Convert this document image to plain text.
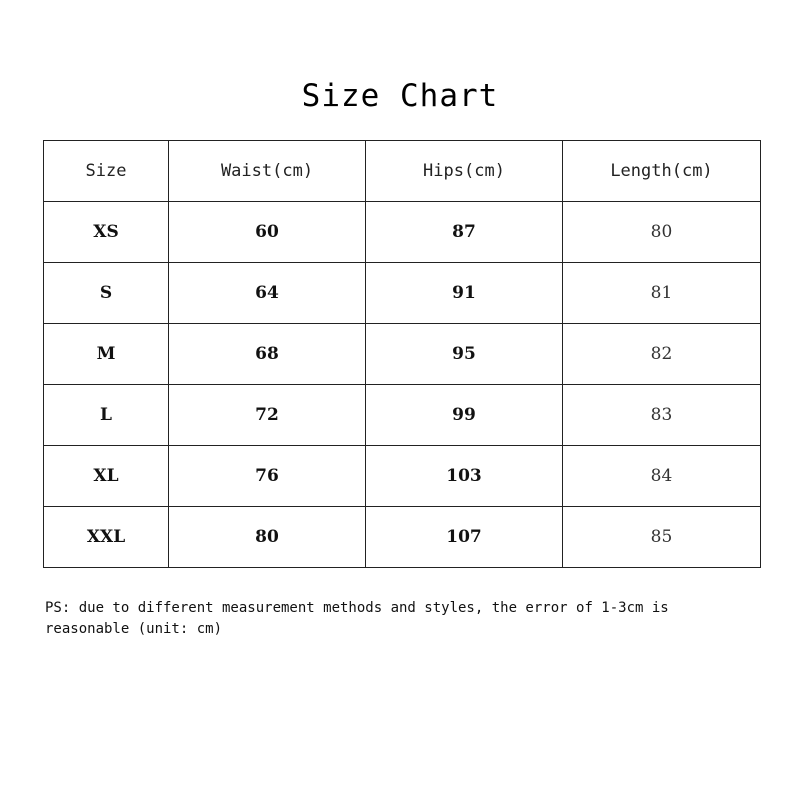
Size Chart
Size	Waist(cm)	Hips(cm)	Length(cm)
XS	60	87	80
S	64	91	81
M	68	95	82
L	72	99	83
XL	76	103	84
XXL	80	107	85
PS: due to different measurement methods and styles, the error of 1-3cm is reasonable (unit: cm)
